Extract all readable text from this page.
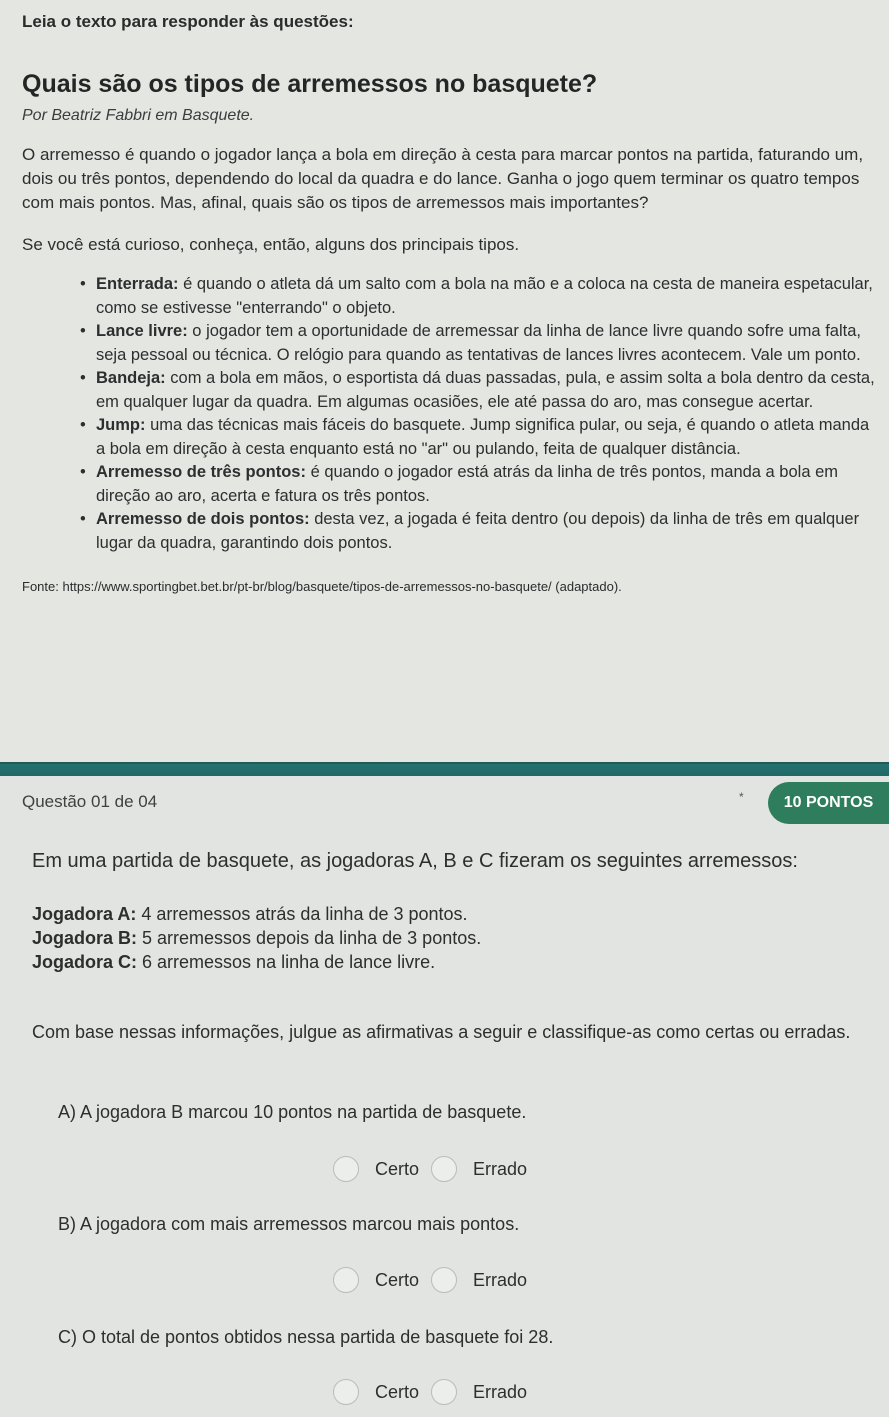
Leia o texto para responder às questões:

Quais são os tipos de arremessos no basquete?

Por Beatriz Fabbri em Basquete.

O arremesso é quando o jogador lança a bola em direção à cesta para marcar pontos na partida, faturando um, dois ou três pontos, dependendo do local da quadra e do lance. Ganha o jogo quem terminar os quatro tempos com mais pontos. Mas, afinal, quais são os tipos de arremessos mais importantes?

Se você está curioso, conheça, então, alguns dos principais tipos.

• Enterrada: é quando o atleta dá um salto com a bola na mão e a coloca na cesta de maneira espetacular, como se estivesse "enterrando" o objeto.
• Lance livre: o jogador tem a oportunidade de arremessar da linha de lance livre quando sofre uma falta, seja pessoal ou técnica. O relógio para quando as tentativas de lances livres acontecem. Vale um ponto.
• Bandeja: com a bola em mãos, o esportista dá duas passadas, pula, e assim solta a bola dentro da cesta, em qualquer lugar da quadra. Em algumas ocasiões, ele até passa do aro, mas consegue acertar.
• Jump: uma das técnicas mais fáceis do basquete. Jump significa pular, ou seja, é quando o atleta manda a bola em direção à cesta enquanto está no "ar" ou pulando, feita de qualquer distância.
• Arremesso de três pontos: é quando o jogador está atrás da linha de três pontos, manda a bola em direção ao aro, acerta e fatura os três pontos.
• Arremesso de dois pontos: desta vez, a jogada é feita dentro (ou depois) da linha de três em qualquer lugar da quadra, garantindo dois pontos.

Fonte: https://www.sportingbet.bet.br/pt-br/blog/basquete/tipos-de-arremessos-no-basquete/ (adaptado).

Questão 01 de 04	*	10 PONTOS
Em uma partida de basquete, as jogadoras A, B e C fizeram os seguintes arremessos:
Jogadora A: 4 arremessos atrás da linha de 3 pontos.
Jogadora B: 5 arremessos depois da linha de 3 pontos.
Jogadora C: 6 arremessos na linha de lance livre.
Com base nessas informações, julgue as afirmativas a seguir e classifique-as como certas ou erradas.
A) A jogadora B marcou 10 pontos na partida de basquete.
Certo	Errado
B) A jogadora com mais arremessos marcou mais pontos.
Certo	Errado
C) O total de pontos obtidos nessa partida de basquete foi 28.
Certo	Errado
